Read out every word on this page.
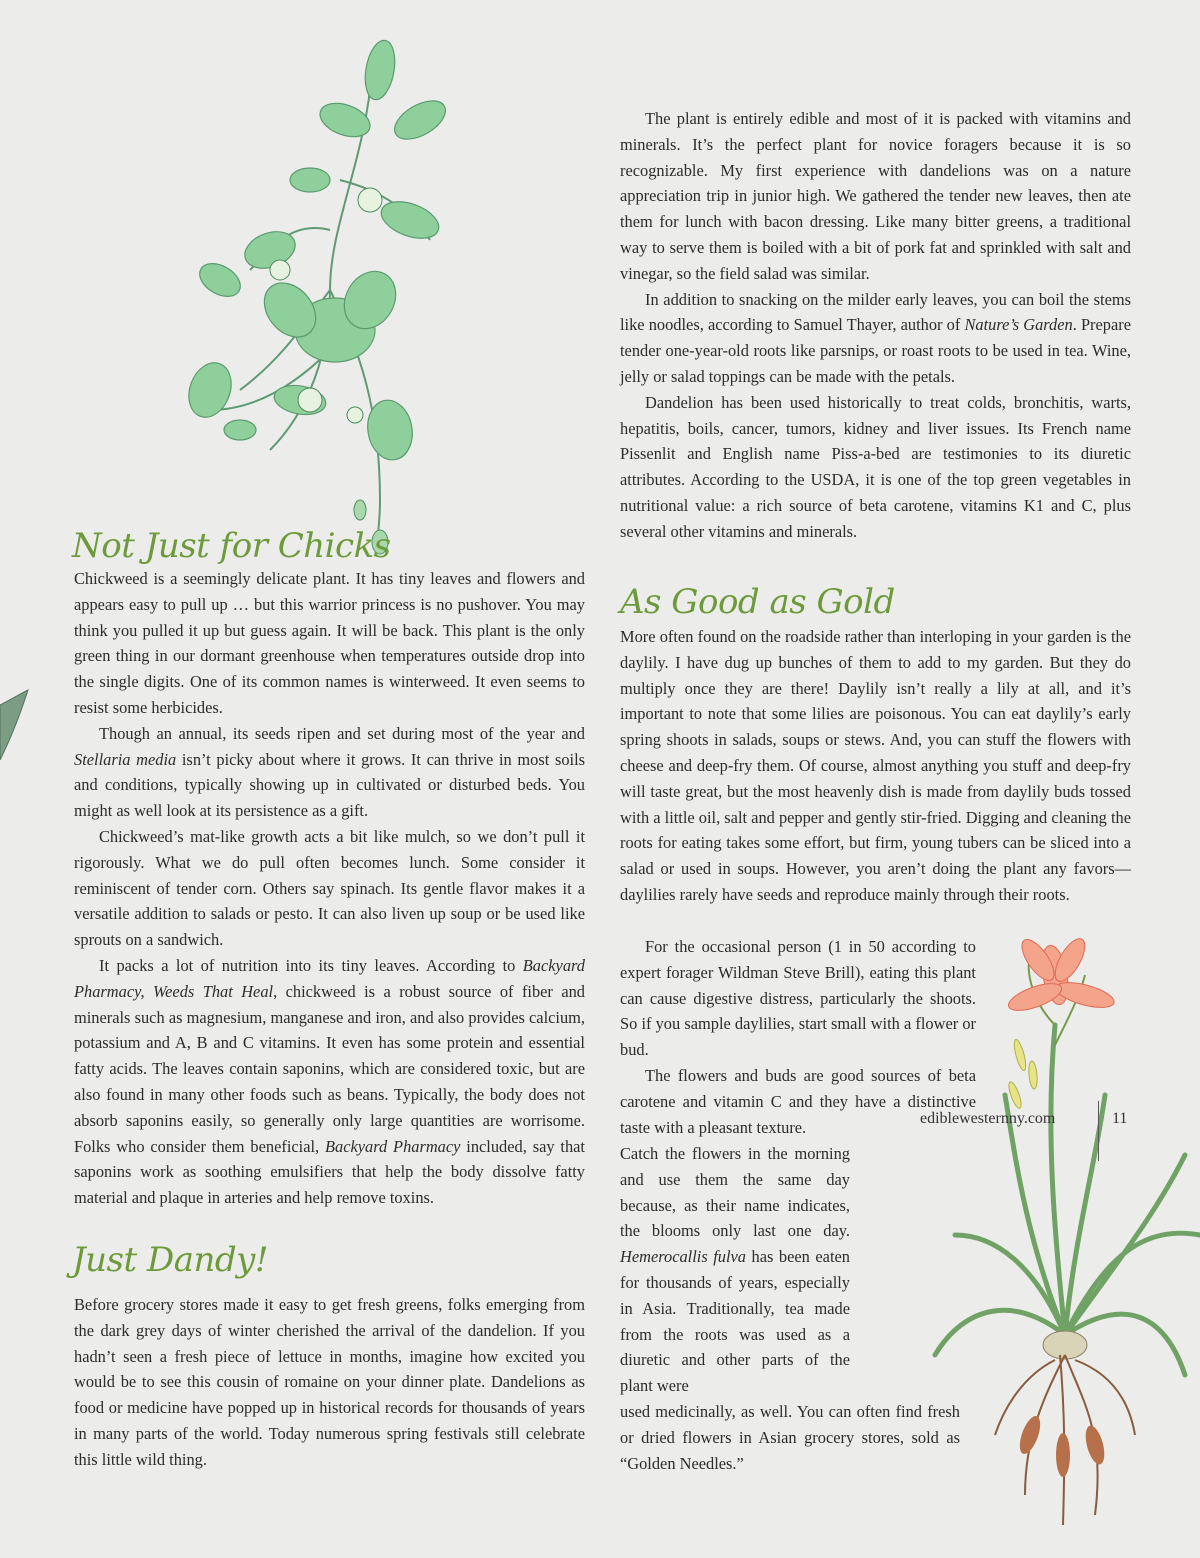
Not Just for Chicks

Chickweed is a seemingly delicate plant. It has tiny leaves and flowers and appears easy to pull up … but this warrior princess is no pushover. You may think you pulled it up but guess again. It will be back. This plant is the only green thing in our dormant greenhouse when temperatures outside drop into the single digits. One of its common names is winterweed. It even seems to resist some herbicides.

Though an annual, its seeds ripen and set during most of the year and Stellaria media isn’t picky about where it grows. It can thrive in most soils and conditions, typically showing up in cultivated or disturbed beds. You might as well look at its persistence as a gift.

Chickweed’s mat-like growth acts a bit like mulch, so we don’t pull it rigorously. What we do pull often becomes lunch. Some consider it reminiscent of tender corn. Others say spinach. Its gentle flavor makes it a versatile addition to salads or pesto. It can also liven up soup or be used like sprouts on a sandwich.

It packs a lot of nutrition into its tiny leaves. According to Backyard Pharmacy, Weeds That Heal, chickweed is a robust source of fiber and minerals such as magnesium, manganese and iron, and also provides calcium, potassium and A, B and C vitamins. It even has some protein and essential fatty acids. The leaves contain saponins, which are considered toxic, but are also found in many other foods such as beans. Typically, the body does not absorb saponins easily, so generally only large quantities are worrisome. Folks who consider them beneficial, Backyard Pharmacy included, say that saponins work as soothing emulsifiers that help the body dissolve fatty material and plaque in arteries and help remove toxins.

Just Dandy!

Before grocery stores made it easy to get fresh greens, folks emerging from the dark grey days of winter cherished the arrival of the dandelion. If you hadn’t seen a fresh piece of lettuce in months, imagine how excited you would be to see this cousin of romaine on your dinner plate. Dandelions as food or medicine have popped up in historical records for thousands of years in many parts of the world. Today numerous spring festivals still celebrate this little wild thing.

The plant is entirely edible and most of it is packed with vitamins and minerals. It’s the perfect plant for novice foragers because it is so recognizable. My first experience with dandelions was on a nature appreciation trip in junior high. We gathered the tender new leaves, then ate them for lunch with bacon dressing. Like many bitter greens, a traditional way to serve them is boiled with a bit of pork fat and sprinkled with salt and vinegar, so the field salad was similar.

In addition to snacking on the milder early leaves, you can boil the stems like noodles, according to Samuel Thayer, author of Nature’s Garden. Prepare tender one-year-old roots like parsnips, or roast roots to be used in tea. Wine, jelly or salad toppings can be made with the petals.

Dandelion has been used historically to treat colds, bronchitis, warts, hepatitis, boils, cancer, tumors, kidney and liver issues. Its French name Pissenlit and English name Piss-a-bed are testimonies to its diuretic attributes. According to the USDA, it is one of the top green vegetables in nutritional value: a rich source of beta carotene, vitamins K1 and C, plus several other vitamins and minerals.

As Good as Gold

More often found on the roadside rather than interloping in your garden is the daylily. I have dug up bunches of them to add to my garden. But they do multiply once they are there! Daylily isn’t really a lily at all, and it’s important to note that some lilies are poisonous. You can eat daylily’s early spring shoots in salads, soups or stews. And, you can stuff the flowers with cheese and deep-fry them. Of course, almost anything you stuff and deep-fry will taste great, but the most heavenly dish is made from daylily buds tossed with a little oil, salt and pepper and gently stir-fried. Digging and cleaning the roots for eating takes some effort, but firm, young tubers can be sliced into a salad or used in soups. However, you aren’t doing the plant any favors—daylilies rarely have seeds and reproduce mainly through their roots.

For the occasional person (1 in 50 according to expert forager Wildman Steve Brill), eating this plant can cause digestive distress, particularly the shoots. So if you sample daylilies, start small with a flower or bud.

The flowers and buds are good sources of beta carotene and vitamin C and they have a distinctive taste with a pleasant texture.

Catch the flowers in the morning and use them the same day because, as their name indicates, the blooms only last one day. Hemerocallis fulva has been eaten for thousands of years, especially in Asia. Traditionally, tea made from the roots was used as a diuretic and other parts of the plant were

used medicinally, as well. You can often find fresh or dried flowers in Asian grocery stores, sold as “Golden Needles.”

ediblewesternny.com	11
